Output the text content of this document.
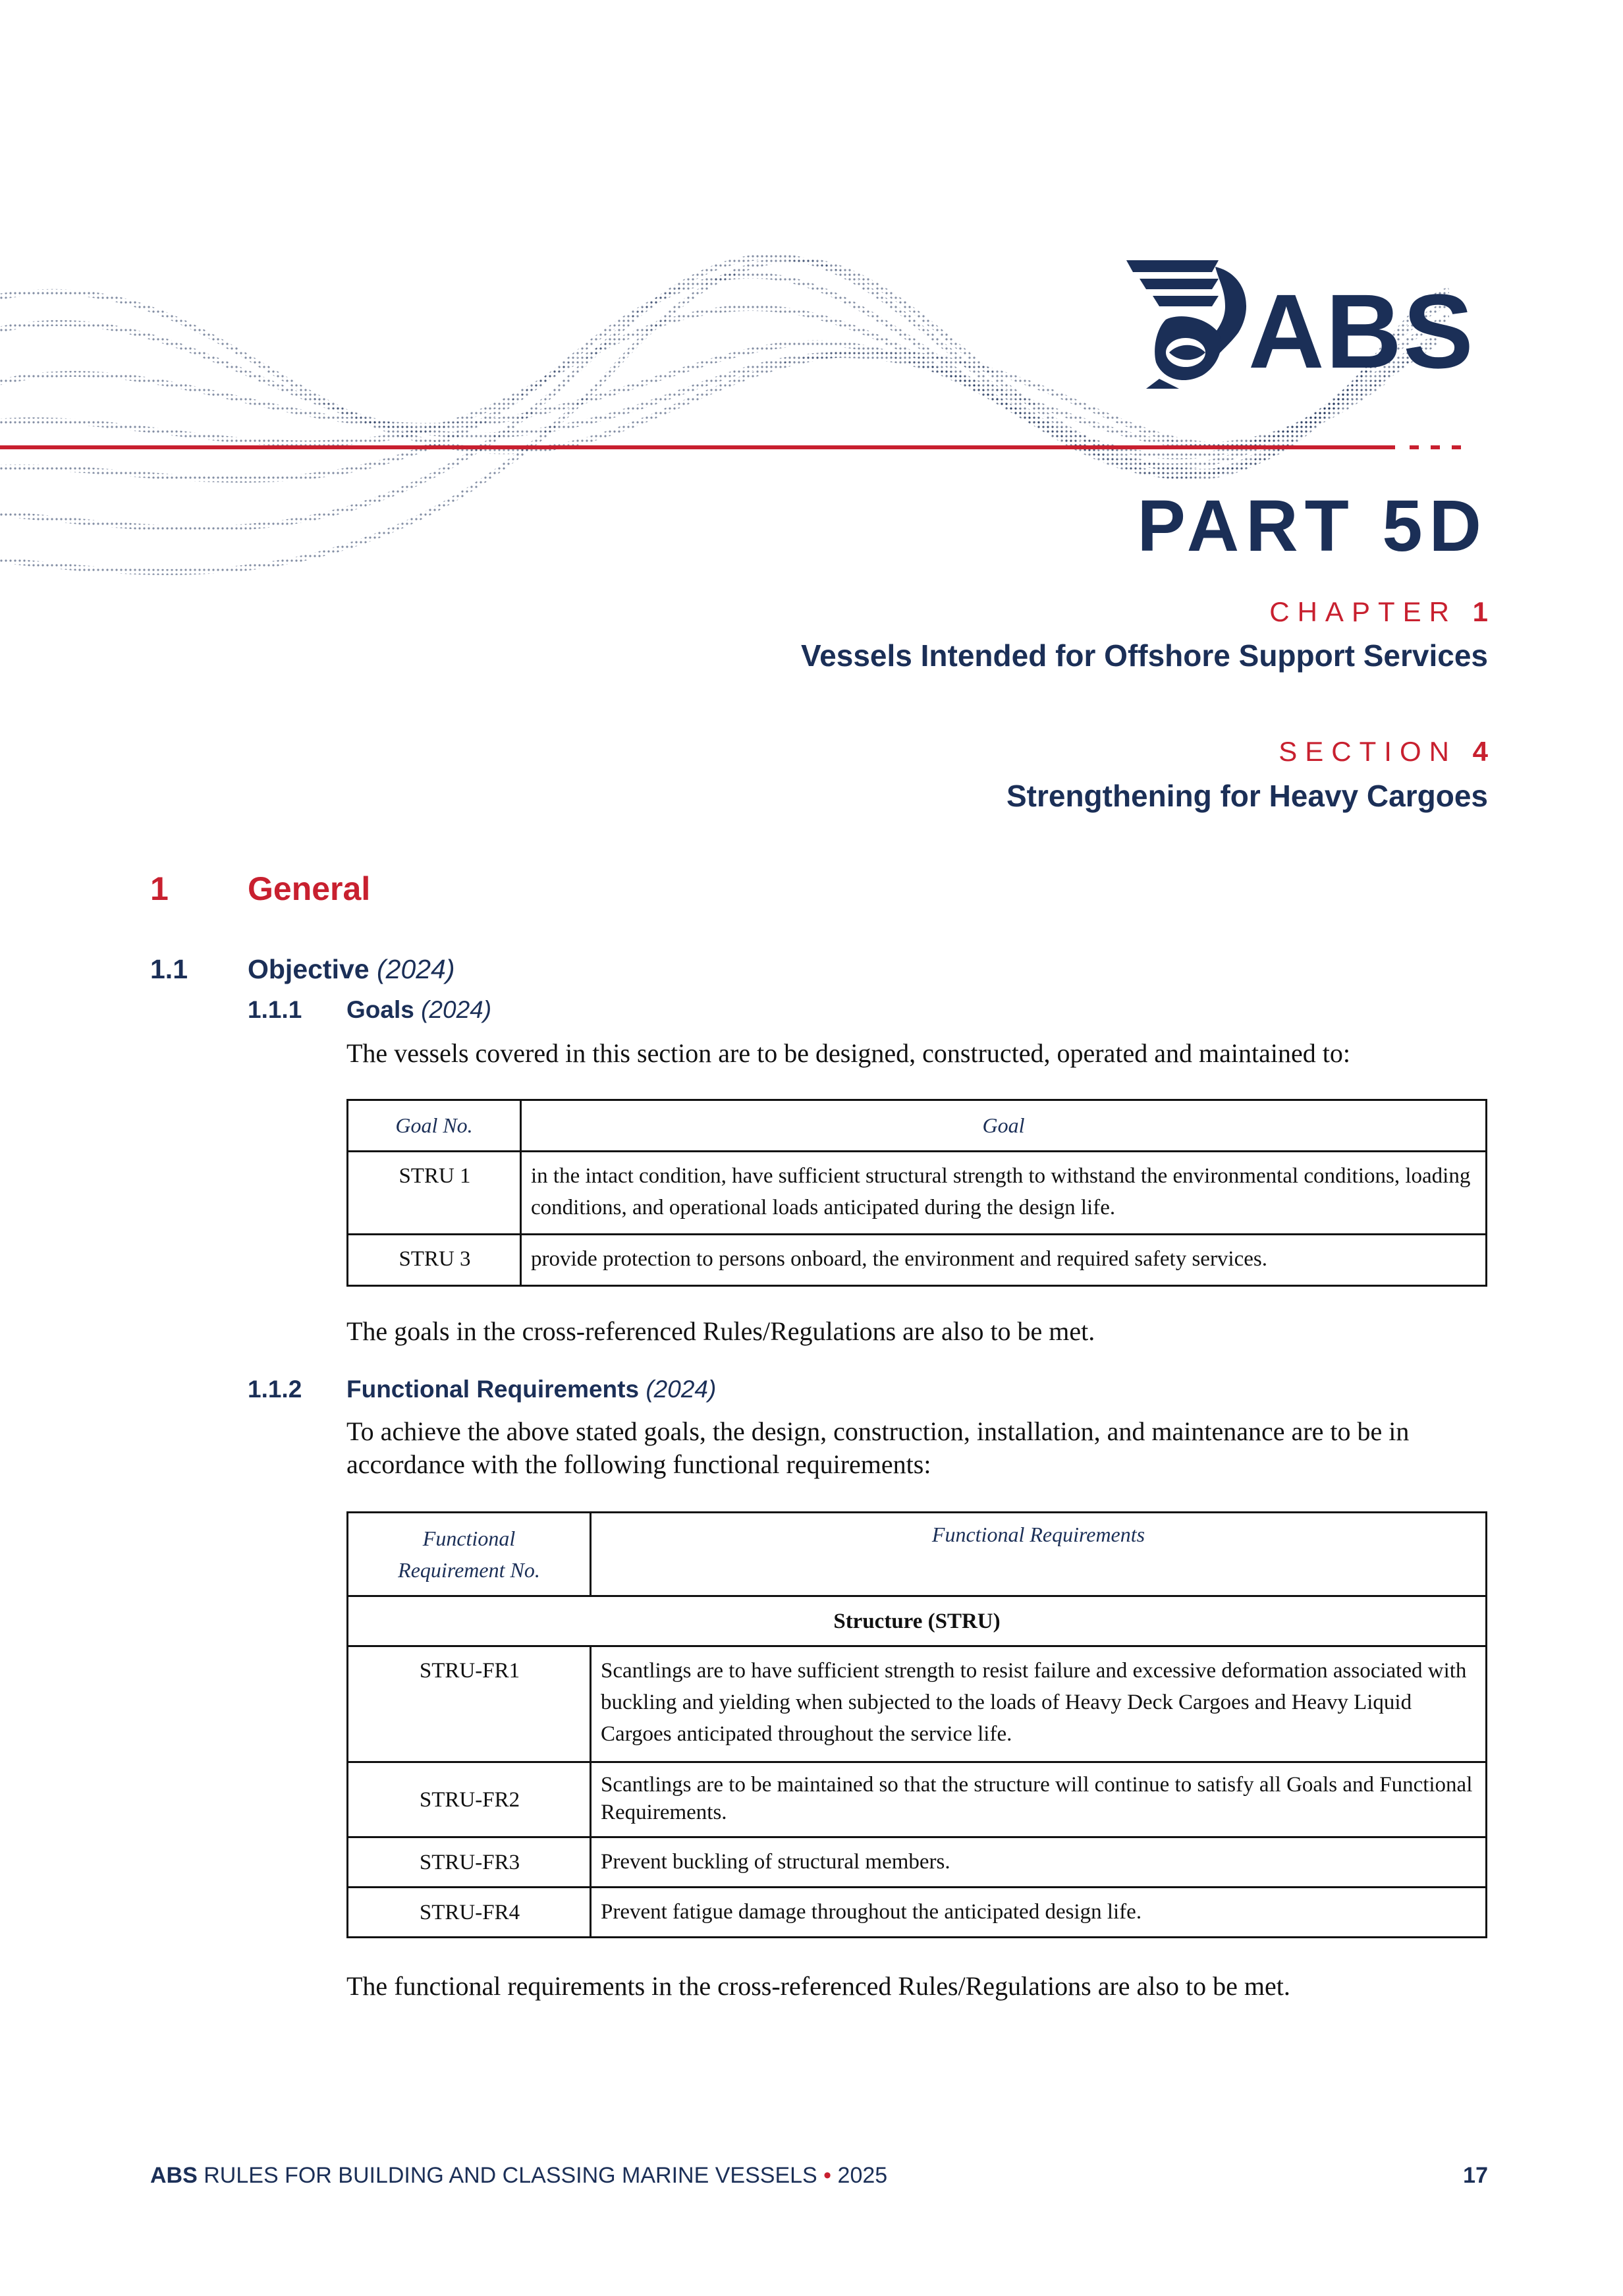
ABS
PART 5D
CHAPTER 1
Vessels Intended for Offshore Support Services
SECTION 4
Strengthening for Heavy Cargoes
1 General
1.1 Objective (2024)
1.1.1 Goals (2024)
The vessels covered in this section are to be designed, constructed, operated and maintained to:
Goal No.	Goal
STRU 1	in the intact condition, have sufficient structural strength to withstand the environmental conditions, loading conditions, and operational loads anticipated during the design life.
STRU 3	provide protection to persons onboard, the environment and required safety services.
The goals in the cross-referenced Rules/Regulations are also to be met.
1.1.2 Functional Requirements (2024)
To achieve the above stated goals, the design, construction, installation, and maintenance are to be in accordance with the following functional requirements:
Functional Requirement No.	Functional Requirements
Structure (STRU)	
STRU-FR1	Scantlings are to have sufficient strength to resist failure and excessive deformation associated with buckling and yielding when subjected to the loads of Heavy Deck Cargoes and Heavy Liquid Cargoes anticipated throughout the service life.
STRU-FR2	Scantlings are to be maintained so that the structure will continue to satisfy all Goals and Functional Requirements.
STRU-FR3	Prevent buckling of structural members.
STRU-FR4	Prevent fatigue damage throughout the anticipated design life.
The functional requirements in the cross-referenced Rules/Regulations are also to be met.
ABS RULES FOR BUILDING AND CLASSING MARINE VESSELS • 2025	17
